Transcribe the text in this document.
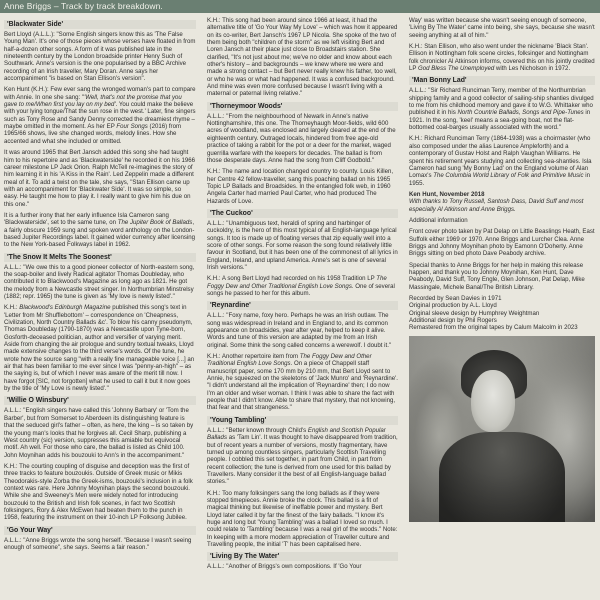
Anne Briggs – Track by track breakdown.
'Blackwater Side'

Bert Lloyd (A.L.L.): "Some English singers know this as 'The False Young Man'. It's one of those pieces whose verses have floated in from half-a-dozen other songs. A form of it was published late in the nineteenth century by the London broadside printer Henry Such of Southwark. Anne's version is the one popularised by a BBC Archive recording of an Irish traveller, Mary Doran. Anne says her accompaniment "is based on Stan Ellison's version".

Ken Hunt (K.H.): Few ever sang the wronged woman's part to compare with Annie. In one she sang: "'Well, that's not the promise that you gave to me/When first you lay on my bed'. You could make the believe with your lying tongue/That the sun rose in the west.' Later, fine singers such as Tony Rose and Sandy Denny corrected the dreamiest rhyme – maybe omitted in the moment. As her EP Four Songs (2016) from 1965/66 shows, live she changed words, melody lines. How she accented and what she included or omitted.

It was around 1965 that Bert Jansch added this song she had taught him to his repertoire and as 'Blackwaterside' he recorded it on his 1966 career milestone LP Jack Orion. Ralph McTell re-imagines the story of him learning it in his 'A Kiss in the Rain'. Led Zeppelin made a different meal of it. To add a twist on the tale, she says, "Stan Ellison came up with an accompaniment for 'Blackwater Side'. It was so simple, so easy. He taught me how to play it. I really want to give him his due on this one."

It is a further irony that her early influence Isla Cameron sang 'Blackwaterside', set to the same tune, on The Jupiter Book of Ballads, a fairly obscure 1959 sung and spoken word anthology on the London-based Jupiter Recordings label. It gained wider currency after licensing to the New York-based Folkways label in 1962.

'The Snow It Melts The Soonest'

A.L.L.: "We owe this to a good pioneer collector of North-eastern song, the soap-boiler and lively Radical agitator Thomas Doubleday, who contributed it to Blackwood's Magazine as long ago as 1821. He got the melody from a Newcastle street singer. In Northumbrian Minstrelsy (1882; repr. 1965) the tune is given as 'My love is newly listed'."

K.H.: Blackwood's Edinburgh Magazine published this song's text in 'Letter from Mr Shufflebottom' – correspondence on 'Cheapness, Civilization, North Country Ballads &c'. To blow his canny pseudonym, Thomas Doubleday (1790-1870) was a Newcastle upon Tyne-born, Gosforth-deceased politician, author and versifier of varying merit. Aside from changing the air prologue and sundry textual tweaks, Lloyd made extensive changes to the third verse's words. Of the tune, he wrote how the source sang "with a really fine manageable voice [...] an air that has been familiar to me ever since I was "penny-an-high" – as the saying is, but of which I never was aware of the merit till now. I have forgot [SIC, not forgotten] what he used to call it but it now goes by the title of 'My Love is newly listed'."

'Willie O Winsbury'

A.L.L.: "English singers have called this 'Johnny Barbary' or 'Tom the Barber', but from Somerset to Aberdeen its distinguishing feature is that the seduced girl's father – often, as here, the king – is so taken by the young man's looks that he forgives all. Cecil Sharp, publishing a West country (sic) version, suppresses this amiable but equivocal motif. Ah well. For those who care, the ballad is listed as Child 100. John Moynihan adds his bouzouki to Ann's in the accompaniment."

K.H.: The courting coupling of disguise and deception was the first of three tracks to feature bouzoukis. Outside of Greek music or Mikis Theodorakis-style Zorba the Greek-isms, bouzouki's inclusion in a folk context was rare. Here Johnny Moynihan plays the second bouzouki. While she and Sweeney's Men were widely noted for introducing bouzouki to the British and Irish folk scenes, in fact two Scottish folksingers, Rory & Alex McEwen had beaten them to the punch in 1958, featuring the instrument on their 10-inch LP Folksong Jubilee.

'Go Your Way'

A.L.L.: "Anne Briggs wrote the song herself. "Because I wasn't seeing enough of someone", she says. Seems a fair reason."

K.H.: This song had been around since 1966 at least, it had the alternative title of 'Go Your Way My Love' – which was how it appeared on its co-writer, Bert Jansch's 1967 LP Nicola. She spoke of the two of them being both "children of the storm" as we left visiting Bert and Loren Jansch at their place just close to Broadstairs station. She clarified, "It's not just about me; we've no older and know about each other's history – and backgrounds – we knew where we were and made a strong contact – but Bert never really knew his father, too well, or who he was or what had happened. It was a confused background. And mine was even more confused because I wasn't living with a maternal or paternal living relative."

'Thorneymoor Woods'

A.L.L.: "From the neighbourhood of Newark in Anne's native Nottinghamshire, this one. The Thorneyhaugh Moor-fields, wild 600 acres of woodland, was enclosed and largely cleared at the end of the eighteenth century. Outraged locals, hindered from free age-old practice of taking a rabbit for the pot or a deer for the market, waged guerrilla warfare with the keepers for decades. The ballad is from those desperate days. Anne had the song from Cliff Godbold."

K.H.: The name and location changed country to county. Louis Killen, her Centre 42 fellow-traveller, sang this poaching ballad on his 1965 Topic LP Ballads and Broadsides. In the entangled folk web, in 1960 Angela Carter had married Paul Carter, who had produced The Hazards of Love.

'The Cuckoo'

A.L.L.: "Unambiguous text, heraldi of spring and harbinger of cuckoldry, is the hero of this most typical of all English-language lyrical songs. It too is made up of floating verses that zip equally well into a score of other songs. For some reason the song found relatively little favour in Scotland, but it has been one of the commonest of all lyrics in England, Ireland, and upland America. Anne's set is one of several Irish versions."

K.H.: A song Bert Lloyd had recorded on his 1958 Tradition LP The Foggy Dew and Other Traditional English Love Songs. One of several songs he passed to her for this album.

'Reynardine'

A.L.L.: "Foxy name, foxy hero. Perhaps he was an Irish outlaw. The song was widespread in Ireland and in England to, and its common appearance on broadsides, year after year, helped to keep it alive. Words and tune of this version are adapted by me from an Irish original. Some think the song called concerns a werewolf. I doubt it."

K.H.: Another repertoire item from The Foggy Dew and Other Traditional English Love Songs. On a piece of Chappell staff manuscript paper, some 170 mm by 210 mm, that Bert Lloyd sent to Annie, he squeezed on the skeletons of 'Jack Munro' and 'Reynardine'. "I didn't understand all the implication of 'Reynardine' then; I do now I'm an older and wiser woman. I think I was able to share the fact with people that I didn't know. Able to share that mystery, that not knowing, that fear and that strangeness."

'Young Tambling'

A.L.L.: "Better known through Child's English and Scottish Popular Ballads as 'Tam Lin'. It was thought to have disappeared from tradition, but of recent years a number of versions, mostly fragmentary, have turned up among countless singers, particularly Scottish Travelling people. I cobbled this set together, in part from Child, in part from recent collection; the tune is derived from one used for this ballad by Travellers. Many consider it the best of all English-language ballad stories."

K.H.: Too many folksingers sang the long ballads as if they were stopped timepieces. Annie broke the clock. This ballad is a fit of magical thinking but likewise of ineffable power and mystery. Bert Lloyd later called it by far the finest of the fairy ballads. "I know it's huge and long but 'Young Tambling' was a ballad I loved so much. I could relate to 'Tambling' because I was a real girl of the woods." Note: In keeping with a more modern appreciation of Traveller culture and Travelling people, the initial 'T' has been capitalised here.

'Living By The Water'

A.L.L.: "Another of Briggs's own compositions. If 'Go Your

Way' was written because she wasn't seeing enough of someone, 'Living By The Water' came into being, she says, because she wasn't seeing anything at all of him."

K.H.: Stan Ellison, who also went under the nickname 'Black Stan'. Ellison in Nottingham folk scene circles, folksinger and Nottingham folk chronicler Al Atkinson informs, covered this on his jointly credited LP God Bless The Unemployed with Les Nicholson in 1972.

'Man Bonny Lad'

A.L.L.: "Sir Richard Runciman Terry, member of the Northumbrian shipping family and a good collector of sailing-ship shanties divulged to me from his childhood memory and gave it to W.G. Whittaker who published it in his North Countrie Ballads, Songs and Pipe-Tunes in 1921. In the song, 'keel' means a sea-going boat, not the flat-bottomed coal-barges usually associated with the word."

K.H.: Richard Runciman Terry (1864-1938) was a choirmaster (who also composed under the alias Laurence Ampleforth) and a contemporary of Gustav Holst and Ralph Vaughan Williams. He spent his retirement years studying and collecting sea-shanties. Isla Cameron had sung 'My Bonny Lad' on the England volume of Alan Lomax's The Columbia World Library of Folk and Primitive Music in 1955.

Ken Hunt, November 2018

With thanks to Tony Russell, Santosh Dass, David Suff and most especially Al Atkinson and Anne Briggs.

Additional information

Front cover photo taken by Pat Delap on Little Beaslings Heath, East Suffolk either 1969 or 1970. Anne Briggs and Lurcher Clea. Anne Briggs and Johnny Moynihan photo by Eamonn O'Doherty. Anne Briggs sitting on bed photo Dave Peabody archive.

Special thanks to Anne Briggs for her help in making this release happen, and thank you to Johnny Moynihan, Ken Hunt, Dave Peabody, David Suff, Tony Engle, Glen Johnson, Pat Delap, Mike Massingale, Michele Banal/The British Library.

Recorded by Sean Davies in 1971
Original production by A.L. Lloyd
Original sleeve design by Humphrey Weightman
Additional design by Phil Rogers
Remastered from the original tapes by Calum Malcolm in 2023
